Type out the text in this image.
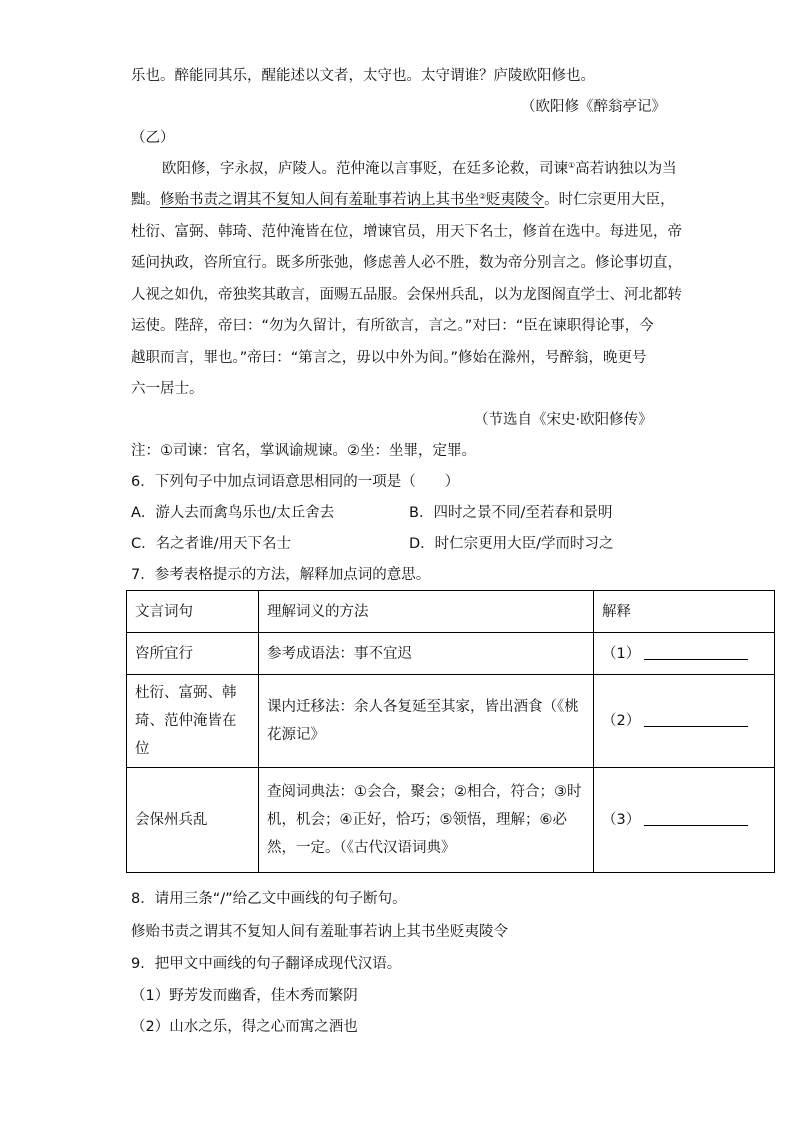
乐也。醉能同其乐，醒能述以文者，太守也。太守谓谁？庐陵欧阳修也。
（欧阳修《醉翁亭记》
（乙）
欧阳修，字永叔，庐陵人。范仲淹以言事贬，在廷多论救，司谏①高若讷独以为当
黜。修贻书责之谓其不复知人间有羞耻事若讷上其书坐②贬夷陵令。时仁宗更用大臣，
杜衍、富弼、韩琦、范仲淹皆在位，增谏官员，用天下名士，修首在选中。每进见，帝
延问执政，咨所宜行。既多所张弛，修虑善人必不胜，数为帝分别言之。修论事切直，
人视之如仇，帝独奖其敢言，面赐五品服。会保州兵乱，以为龙图阁直学士、河北都转
运使。陛辞，帝曰：“勿为久留计，有所欲言，言之。”对曰：“臣在谏职得论事，今
越职而言，罪也。”帝曰：“第言之，毋以中外为间。”修始在滁州，号醉翁，晚更号
六一居士。
（节选自《宋史·欧阳修传》
注：①司谏：官名，掌讽谕规谏。②坐：坐罪，定罪。
6．下列句子中加点词语意思相同的一项是（　　）
A．游人去而禽鸟乐也/太丘舍去	B．四时之景不同/至若春和景明
C．名之者谁/用天下名士	D．时仁宗更用大臣/学而时习之
7．参考表格提示的方法，解释加点词的意思。
文言词句	理解词义的方法	解释
咨所宜行	参考成语法：事不宜迟	（1）
杜衍、富弼、韩琦、范仲淹皆在位	课内迁移法：余人各复延至其家，皆出酒食（《桃花源记》	（2）
会保州兵乱	查阅词典法：①会合，聚会；②相合，符合；③时机，机会；④正好，恰巧；⑤领悟，理解；⑥必然，一定。（《古代汉语词典》	（3）
8．请用三条“/”给乙文中画线的句子断句。
修贻书责之谓其不复知人间有羞耻事若讷上其书坐贬夷陵令
9．把甲文中画线的句子翻译成现代汉语。
（1）野芳发而幽香，佳木秀而繁阴
（2）山水之乐，得之心而寓之酒也
